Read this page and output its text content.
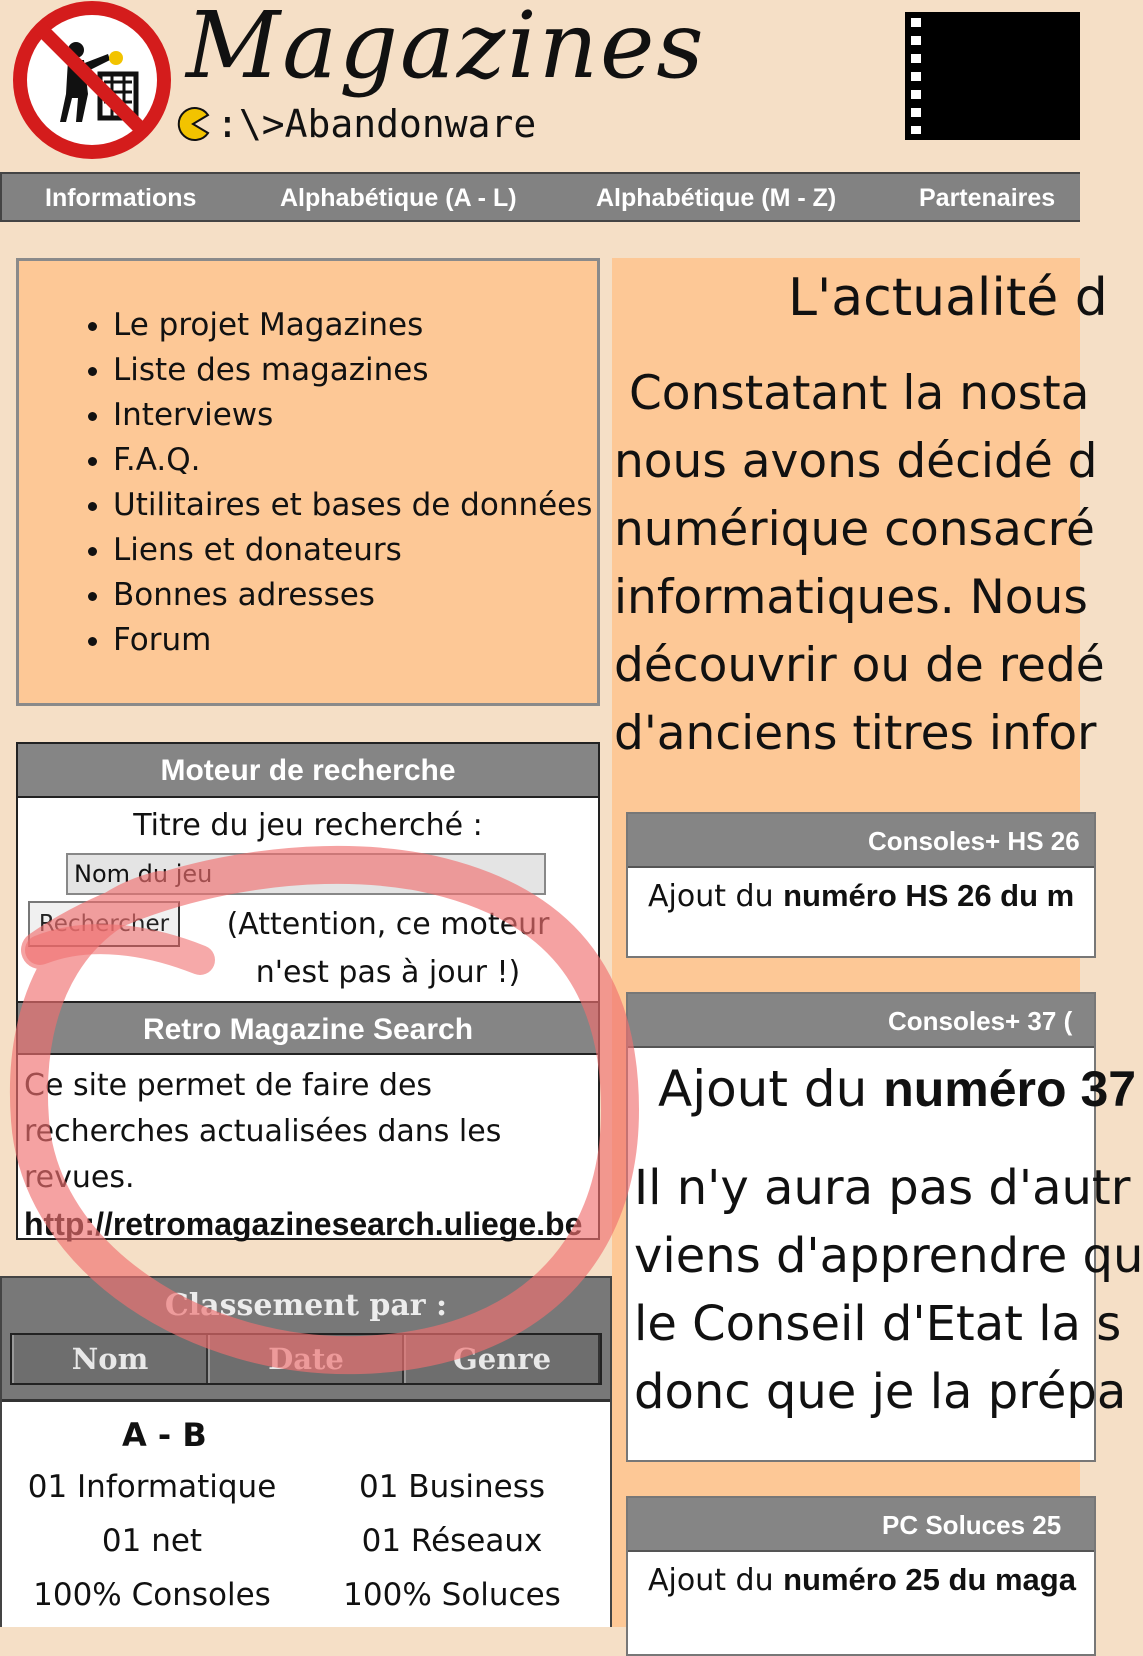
Magazines
:\>Abandonware
Informations	Alphabétique (A - L)	Alphabétique (M - Z)	Partenaires
• Le projet Magazines
• Liste des magazines
• Interviews
• F.A.Q.
• Utilitaires et bases de données
• Liens et donateurs
• Bonnes adresses
• Forum
Moteur de recherche
Titre du jeu recherché :
Nom du jeu
Rechercher	(Attention, ce moteur n'est pas à jour !)
Retro Magazine Search
Ce site permet de faire des recherches actualisées dans les revues.
http://retromagazinesearch.uliege.be
Classement par :
Nom	Date	Genre
A - B
01 Informatique	01 Business
01 net	01 Réseaux
100% Consoles	100% Soluces
L'actualité d
Constatant la nosta
nous avons décidé d
numérique consacré
informatiques. Nous
découvrir ou de redé
d'anciens titres infor
Consoles+ HS 26
Ajout du numéro HS 26 du m
Consoles+ 37 (
Ajout du numéro 37
Il n'y aura pas d'autr
viens d'apprendre qu
le Conseil d'Etat la s
donc que je la prépa
PC Soluces 25
Ajout du numéro 25 du maga
